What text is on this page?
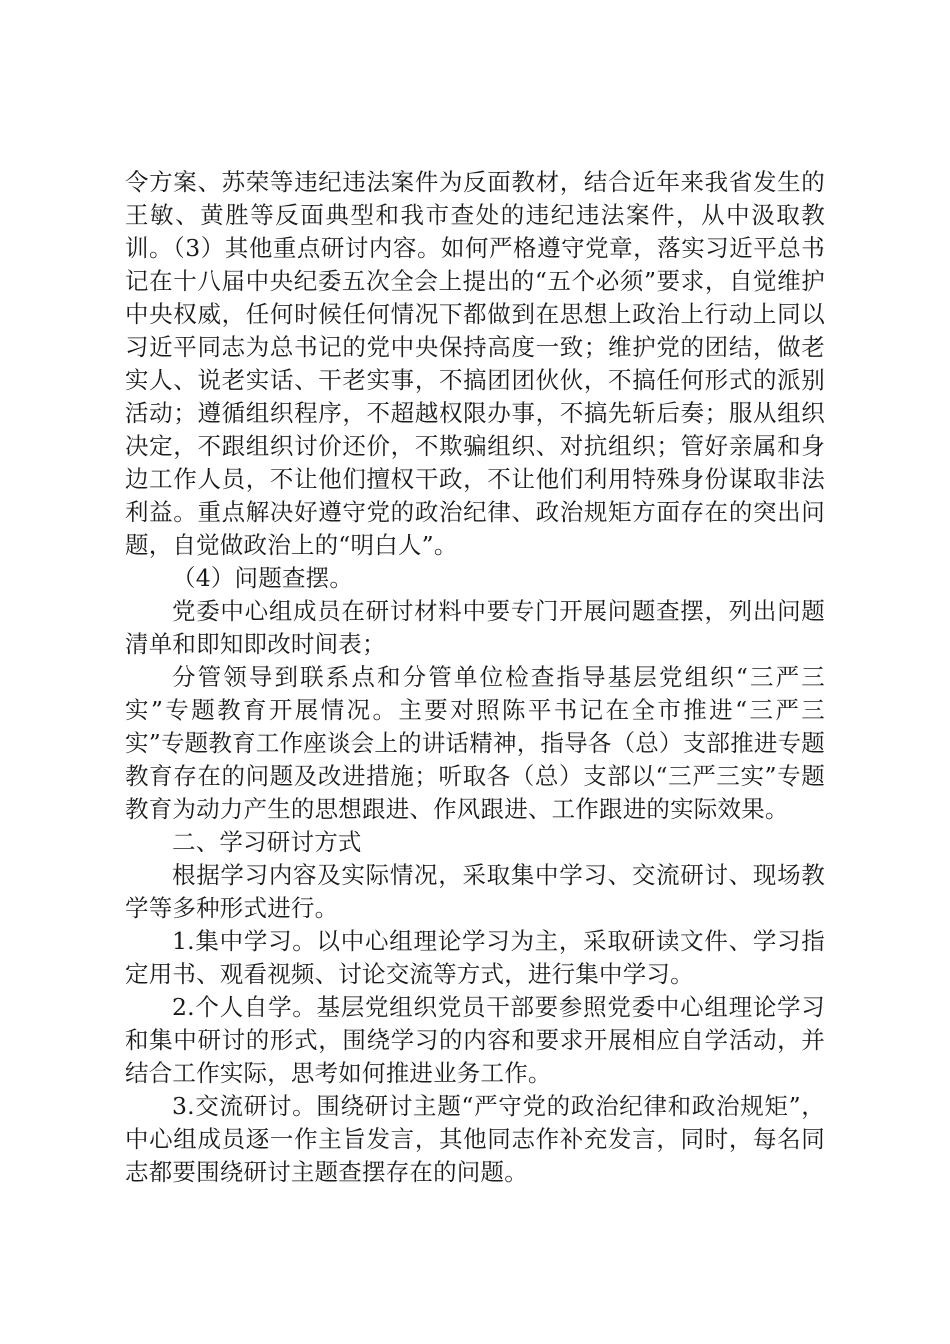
令方案、苏荣等违纪违法案件为反面教材，结合近年来我省发生的王敏、黄胜等反面典型和我市查处的违纪违法案件，从中汲取教训。（3）其他重点研讨内容。如何严格遵守党章，落实习近平总书记在十八届中央纪委五次全会上提出的“五个必须”要求，自觉维护中央权威，任何时候任何情况下都做到在思想上政治上行动上同以习近平同志为总书记的党中央保持高度一致；维护党的团结，做老实人、说老实话、干老实事，不搞团团伙伙，不搞任何形式的派别活动；遵循组织程序，不超越权限办事，不搞先斩后奏；服从组织决定，不跟组织讨价还价，不欺骗组织、对抗组织；管好亲属和身边工作人员，不让他们擅权干政，不让他们利用特殊身份谋取非法利益。重点解决好遵守党的政治纪律、政治规矩方面存在的突出问题，自觉做政治上的“明白人”。

（4）问题查摆。

党委中心组成员在研讨材料中要专门开展问题查摆，列出问题清单和即知即改时间表；

分管领导到联系点和分管单位检查指导基层党组织“三严三实”专题教育开展情况。主要对照陈平书记在全市推进“三严三实”专题教育工作座谈会上的讲话精神，指导各（总）支部推进专题教育存在的问题及改进措施；听取各（总）支部以“三严三实”专题教育为动力产生的思想跟进、作风跟进、工作跟进的实际效果。

二、学习研讨方式

根据学习内容及实际情况，采取集中学习、交流研讨、现场教学等多种形式进行。

1.集中学习。以中心组理论学习为主，采取研读文件、学习指定用书、观看视频、讨论交流等方式，进行集中学习。

2.个人自学。基层党组织党员干部要参照党委中心组理论学习和集中研讨的形式，围绕学习的内容和要求开展相应自学活动，并结合工作实际，思考如何推进业务工作。

3.交流研讨。围绕研讨主题“严守党的政治纪律和政治规矩”，中心组成员逐一作主旨发言，其他同志作补充发言，同时，每名同志都要围绕研讨主题查摆存在的问题。
